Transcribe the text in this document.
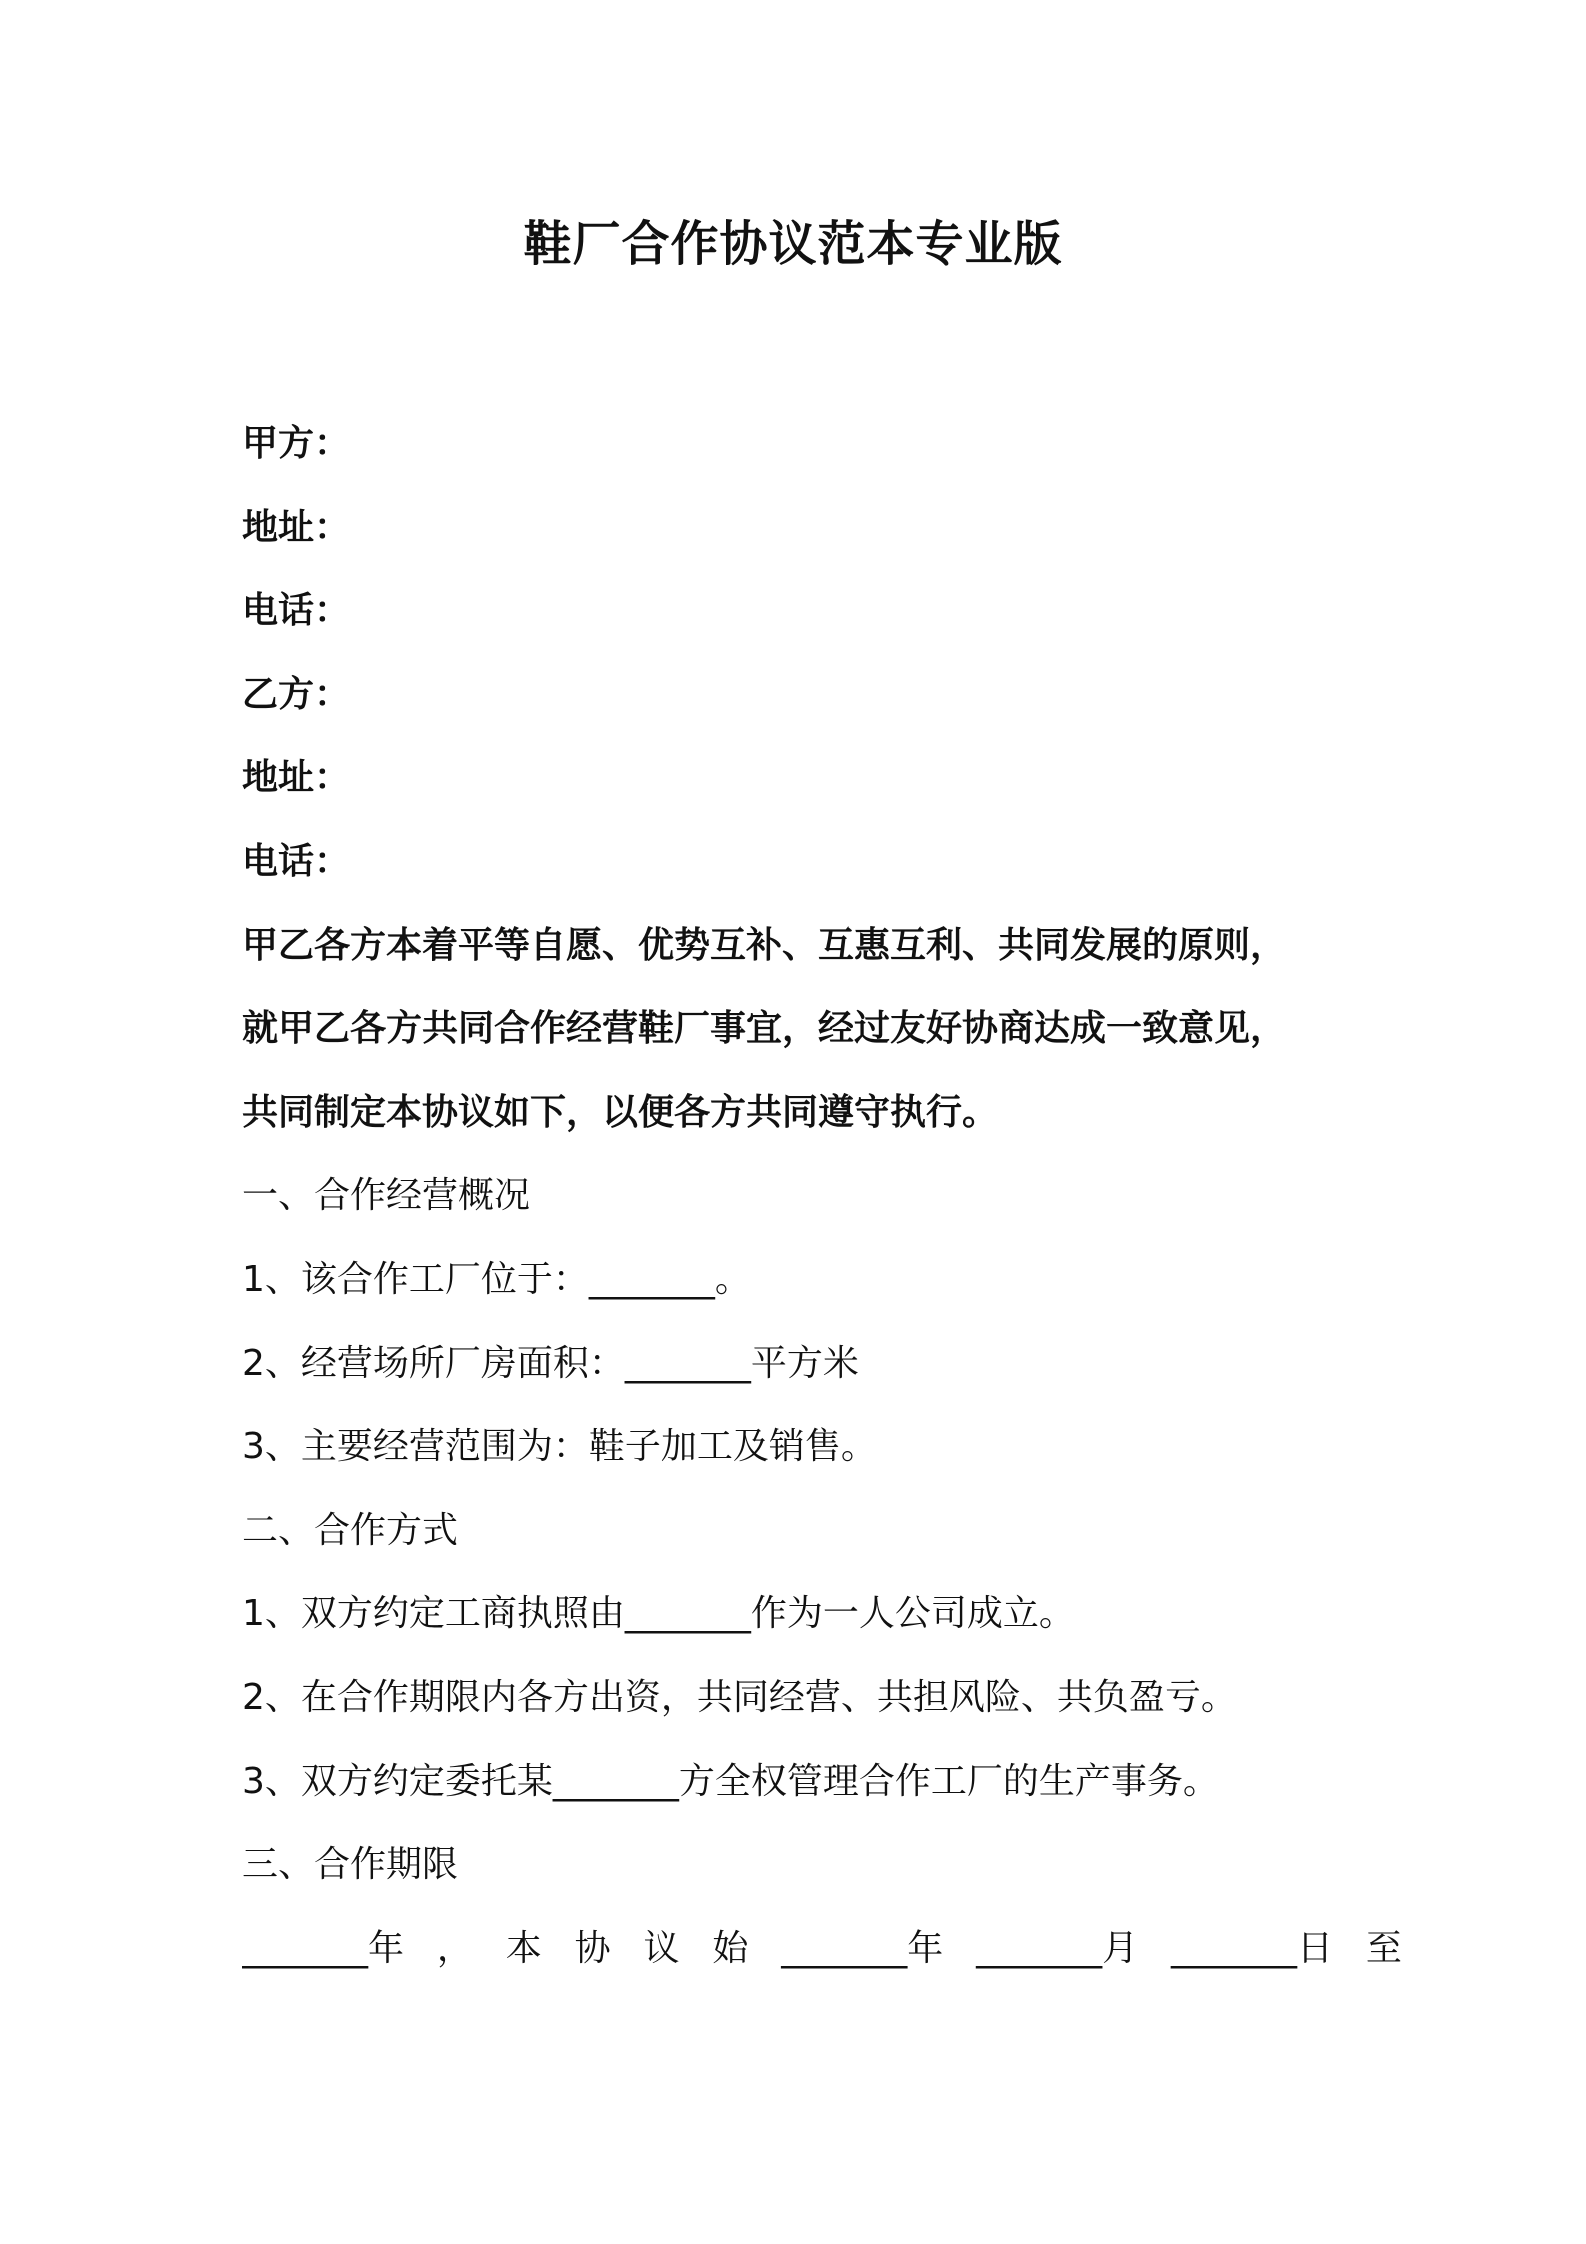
鞋厂合作协议范本专业版
甲方：
地址：
电话：
乙方：
地址：
电话：
甲乙各方本着平等自愿、优势互补、互惠互利、共同发展的原则，
就甲乙各方共同合作经营鞋厂事宜，经过友好协商达成一致意见，
共同制定本协议如下，以便各方共同遵守执行。
一、合作经营概况
1、该合作工厂位于：_______。
2、经营场所厂房面积：_______平方米
3、主要经营范围为：鞋子加工及销售。
二、合作方式
1、双方约定工商执照由_______作为一人公司成立。
2、在合作期限内各方出资，共同经营、共担风险、共负盈亏。
3、双方约定委托某_______方全权管理合作工厂的生产事务。
三、合作期限
_______年 ， 本 协 议 始 _______年 _______月 _______日 至
